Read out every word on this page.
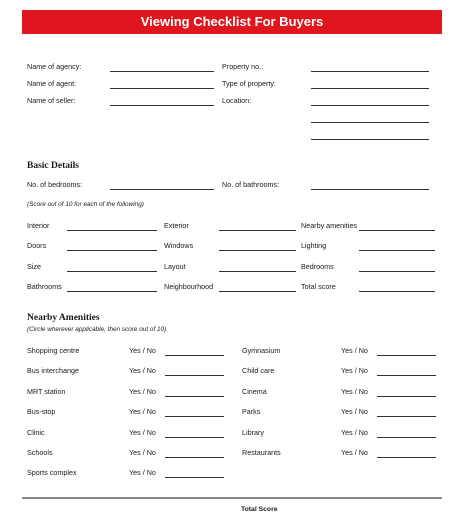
Viewing Checklist For Buyers
Name of agency:
Name of agent:
Name of seller:
Property no.:
Type of property:
Location:
Basic Details
No. of bedrooms:	No. of bathrooms:
(Score out of 10 for each of the following)
Interior	Exterior	Nearby amenities
Doors	Windows	Lighting
Size	Layout	Bedrooms
Bathrooms	Neighbourhood	Total score
Nearby Amenities
(Circle wherever applicable, then score out of 10)
Shopping centre	Yes / No
Bus interchange	Yes / No
MRT station	Yes / No
Bus-stop	Yes / No
Clinic	Yes / No
Schools	Yes / No
Sports complex	Yes / No
Gymnasium	Yes / No
Child care	Yes / No
Cinema	Yes / No
Parks	Yes / No
Library	Yes / No
Restaurants	Yes / No
Total Score
